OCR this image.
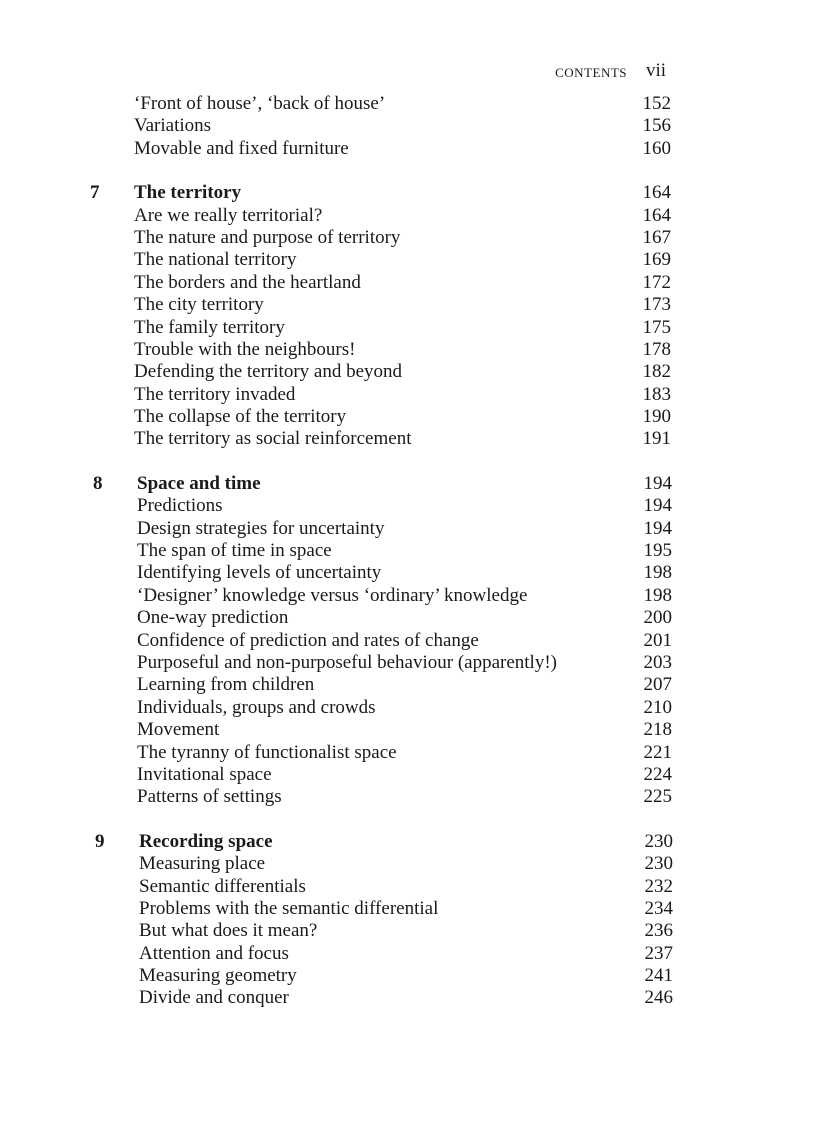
CONTENTS vii
‘Front of house’, ‘back of house’	152
Variations	156
Movable and fixed furniture	160
7 The territory	164
Are we really territorial?	164
The nature and purpose of territory	167
The national territory	169
The borders and the heartland	172
The city territory	173
The family territory	175
Trouble with the neighbours!	178
Defending the territory and beyond	182
The territory invaded	183
The collapse of the territory	190
The territory as social reinforcement	191
8 Space and time	194
Predictions	194
Design strategies for uncertainty	194
The span of time in space	195
Identifying levels of uncertainty	198
‘Designer’ knowledge versus ‘ordinary’ knowledge	198
One-way prediction	200
Confidence of prediction and rates of change	201
Purposeful and non-purposeful behaviour (apparently!)	203
Learning from children	207
Individuals, groups and crowds	210
Movement	218
The tyranny of functionalist space	221
Invitational space	224
Patterns of settings	225
9 Recording space	230
Measuring place	230
Semantic differentials	232
Problems with the semantic differential	234
But what does it mean?	236
Attention and focus	237
Measuring geometry	241
Divide and conquer	246
